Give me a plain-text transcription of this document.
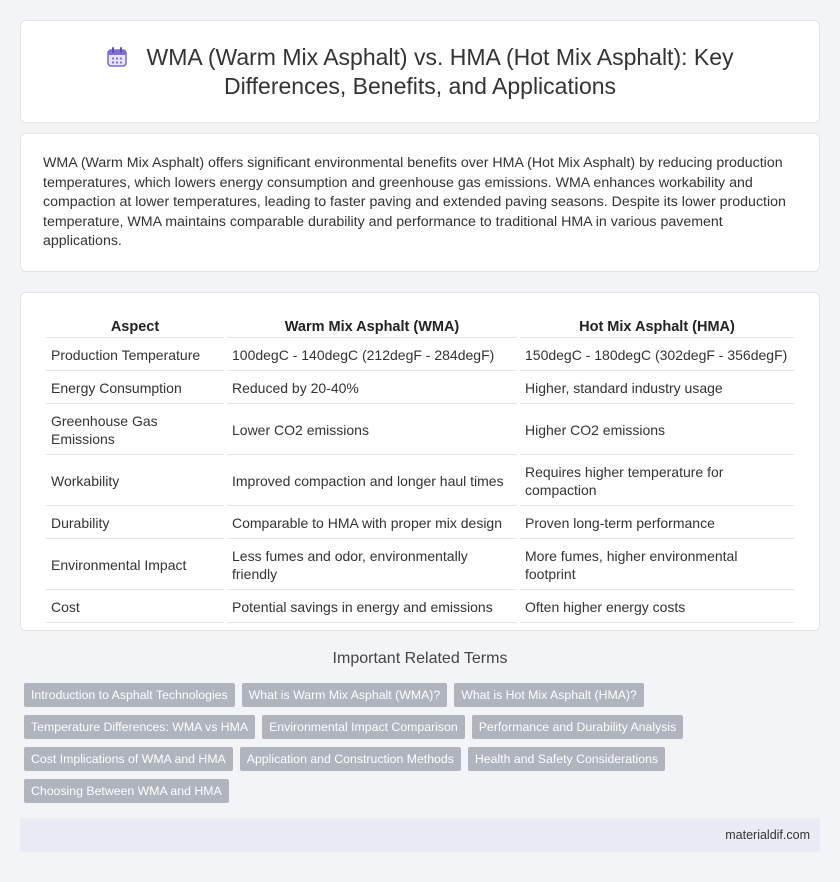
WMA (Warm Mix Asphalt) vs. HMA (Hot Mix Asphalt): Key Differences, Benefits, and Applications

WMA (Warm Mix Asphalt) offers significant environmental benefits over HMA (Hot Mix Asphalt) by reducing production temperatures, which lowers energy consumption and greenhouse gas emissions. WMA enhances workability and compaction at lower temperatures, leading to faster paving and extended paving seasons. Despite its lower production temperature, WMA maintains comparable durability and performance to traditional HMA in various pavement applications.

Aspect	Warm Mix Asphalt (WMA)	Hot Mix Asphalt (HMA)
Production Temperature	100degC - 140degC (212degF - 284degF)	150degC - 180degC (302degF - 356degF)
Energy Consumption	Reduced by 20-40%	Higher, standard industry usage
Greenhouse Gas Emissions	Lower CO2 emissions	Higher CO2 emissions
Workability	Improved compaction and longer haul times	Requires higher temperature for compaction
Durability	Comparable to HMA with proper mix design	Proven long-term performance
Environmental Impact	Less fumes and odor, environmentally friendly	More fumes, higher environmental footprint
Cost	Potential savings in energy and emissions	Often higher energy costs
Important Related Terms
Introduction to Asphalt Technologies	What is Warm Mix Asphalt (WMA)?	What is Hot Mix Asphalt (HMA)?
Temperature Differences: WMA vs HMA	Environmental Impact Comparison	Performance and Durability Analysis
Cost Implications of WMA and HMA	Application and Construction Methods	Health and Safety Considerations
Choosing Between WMA and HMA
materialdif.com
